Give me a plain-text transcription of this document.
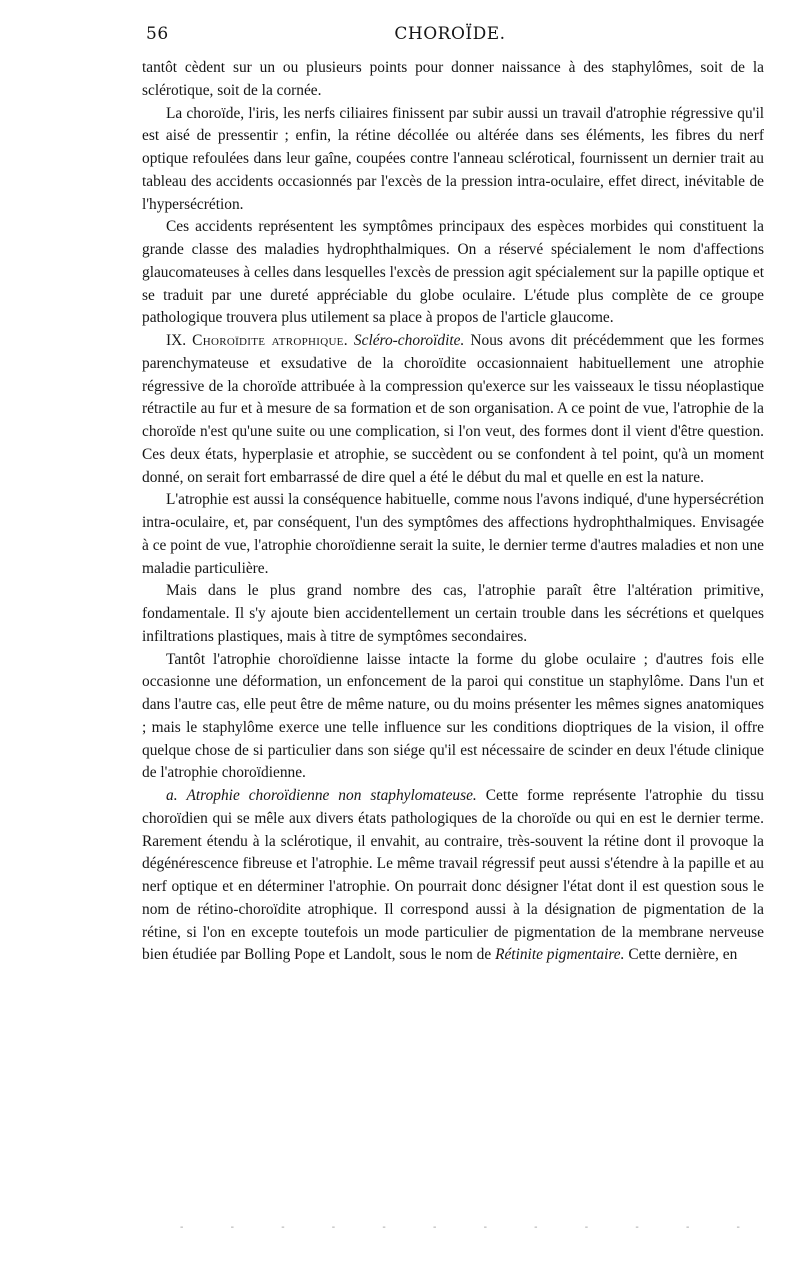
56	CHOROÏDE.

tantôt cèdent sur un ou plusieurs points pour donner naissance à des staphylômes, soit de la sclérotique, soit de la cornée.

La choroïde, l'iris, les nerfs ciliaires finissent par subir aussi un travail d'atrophie régressive qu'il est aisé de pressentir ; enfin, la rétine décollée ou altérée dans ses éléments, les fibres du nerf optique refoulées dans leur gaîne, coupées contre l'anneau sclérotical, fournissent un dernier trait au tableau des accidents occasionnés par l'excès de la pression intra-oculaire, effet direct, inévitable de l'hypersécrétion.

Ces accidents représentent les symptômes principaux des espèces morbides qui constituent la grande classe des maladies hydrophthalmiques. On a réservé spécialement le nom d'affections glaucomateuses à celles dans lesquelles l'excès de pression agit spécialement sur la papille optique et se traduit par une dureté appréciable du globe oculaire. L'étude plus complète de ce groupe pathologique trouvera plus utilement sa place à propos de l'article glaucome.

IX. Choroïdite atrophique. Scléro-choroïdite. Nous avons dit précédemment que les formes parenchymateuse et exsudative de la choroïdite occasionnaient habituellement une atrophie régressive de la choroïde attribuée à la compression qu'exerce sur les vaisseaux le tissu néoplastique rétractile au fur et à mesure de sa formation et de son organisation. A ce point de vue, l'atrophie de la choroïde n'est qu'une suite ou une complication, si l'on veut, des formes dont il vient d'être question. Ces deux états, hyperplasie et atrophie, se succèdent ou se confondent à tel point, qu'à un moment donné, on serait fort embarrassé de dire quel a été le début du mal et quelle en est la nature.

L'atrophie est aussi la conséquence habituelle, comme nous l'avons indiqué, d'une hypersécrétion intra-oculaire, et, par conséquent, l'un des symptômes des affections hydrophthalmiques. Envisagée à ce point de vue, l'atrophie choroïdienne serait la suite, le dernier terme d'autres maladies et non une maladie particulière.

Mais dans le plus grand nombre des cas, l'atrophie paraît être l'altération primitive, fondamentale. Il s'y ajoute bien accidentellement un certain trouble dans les sécrétions et quelques infiltrations plastiques, mais à titre de symptômes secondaires.

Tantôt l'atrophie choroïdienne laisse intacte la forme du globe oculaire ; d'autres fois elle occasionne une déformation, un enfoncement de la paroi qui constitue un staphylôme. Dans l'un et dans l'autre cas, elle peut être de même nature, ou du moins présenter les mêmes signes anatomiques ; mais le staphylôme exerce une telle influence sur les conditions dioptriques de la vision, il offre quelque chose de si particulier dans son siége qu'il est nécessaire de scinder en deux l'étude clinique de l'atrophie choroïdienne.

a. Atrophie choroïdienne non staphylomateuse. Cette forme représente l'atrophie du tissu choroïdien qui se mêle aux divers états pathologiques de la choroïde ou qui en est le dernier terme. Rarement étendu à la sclérotique, il envahit, au contraire, très-souvent la rétine dont il provoque la dégénérescence fibreuse et l'atrophie. Le même travail régressif peut aussi s'étendre à la papille et au nerf optique et en déterminer l'atrophie. On pourrait donc désigner l'état dont il est question sous le nom de rétino-choroïdite atrophique. Il correspond aussi à la désignation de pigmentation de la rétine, si l'on en excepte toutefois un mode particulier de pigmentation de la membrane nerveuse bien étudiée par Bolling Pope et Landolt, sous le nom de Rétinite pigmentaire. Cette dernière, en

-	-	-	-	-	-	-	-	-	-	-	-
